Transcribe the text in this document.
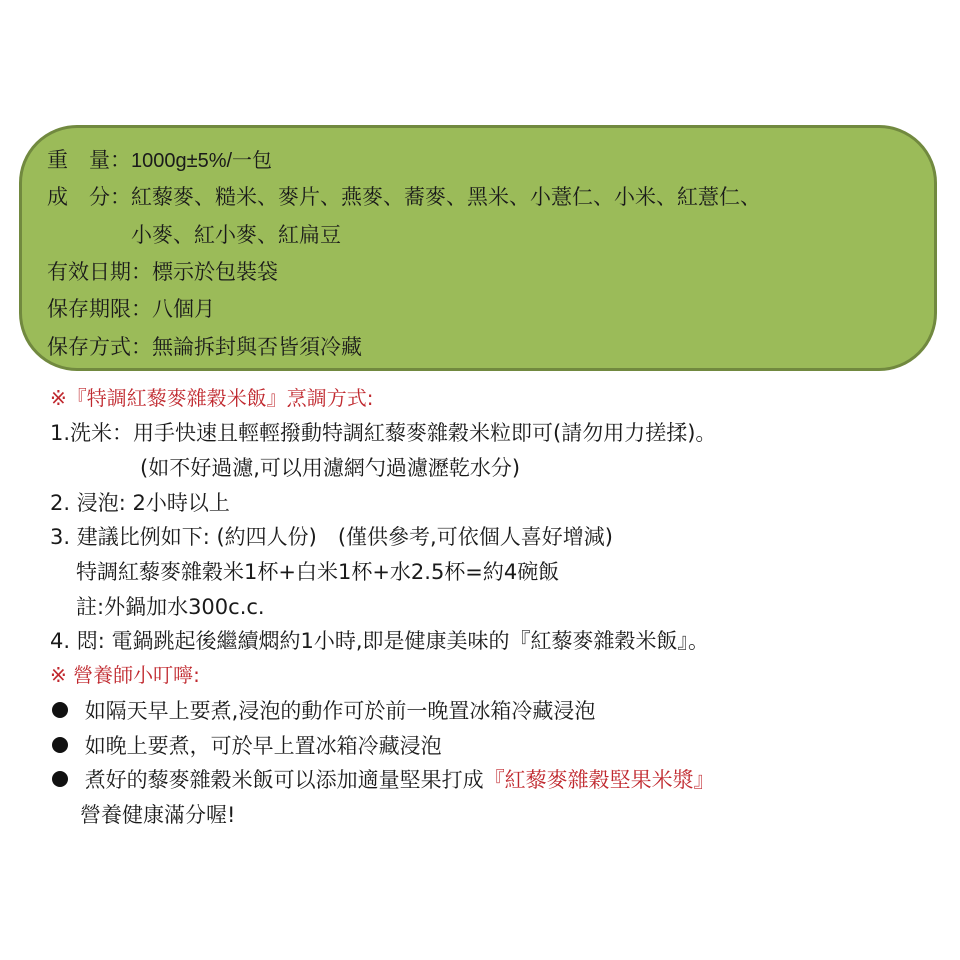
重　量：1000g±5%/一包
成　分：紅藜麥、糙米、麥片、燕麥、蕎麥、黑米、小薏仁、小米、紅薏仁、
小麥、紅小麥、紅扁豆
有效日期：標示於包裝袋
保存期限：八個月
保存方式：無論拆封與否皆須冷藏
※『特調紅藜麥雜穀米飯』烹調方式:
1.洗米：用手快速且輕輕撥動特調紅藜麥雜穀米粒即可(請勿用力搓揉)。
(如不好過濾,可以用濾網勺過濾瀝乾水分)
2. 浸泡: 2小時以上
3. 建議比例如下: (約四人份)　(僅供參考,可依個人喜好增減)
特調紅藜麥雜穀米1杯+白米1杯+水2.5杯=約4碗飯
註:外鍋加水300c.c.
4. 悶: 電鍋跳起後繼續燜約1小時,即是健康美味的『紅藜麥雜穀米飯』。
※ 營養師小叮嚀:
如隔天早上要煮,浸泡的動作可於前一晚置冰箱冷藏浸泡
如晚上要煮，可於早上置冰箱冷藏浸泡
煮好的藜麥雜穀米飯可以添加適量堅果打成『紅藜麥雜穀堅果米漿』
營養健康滿分喔!
